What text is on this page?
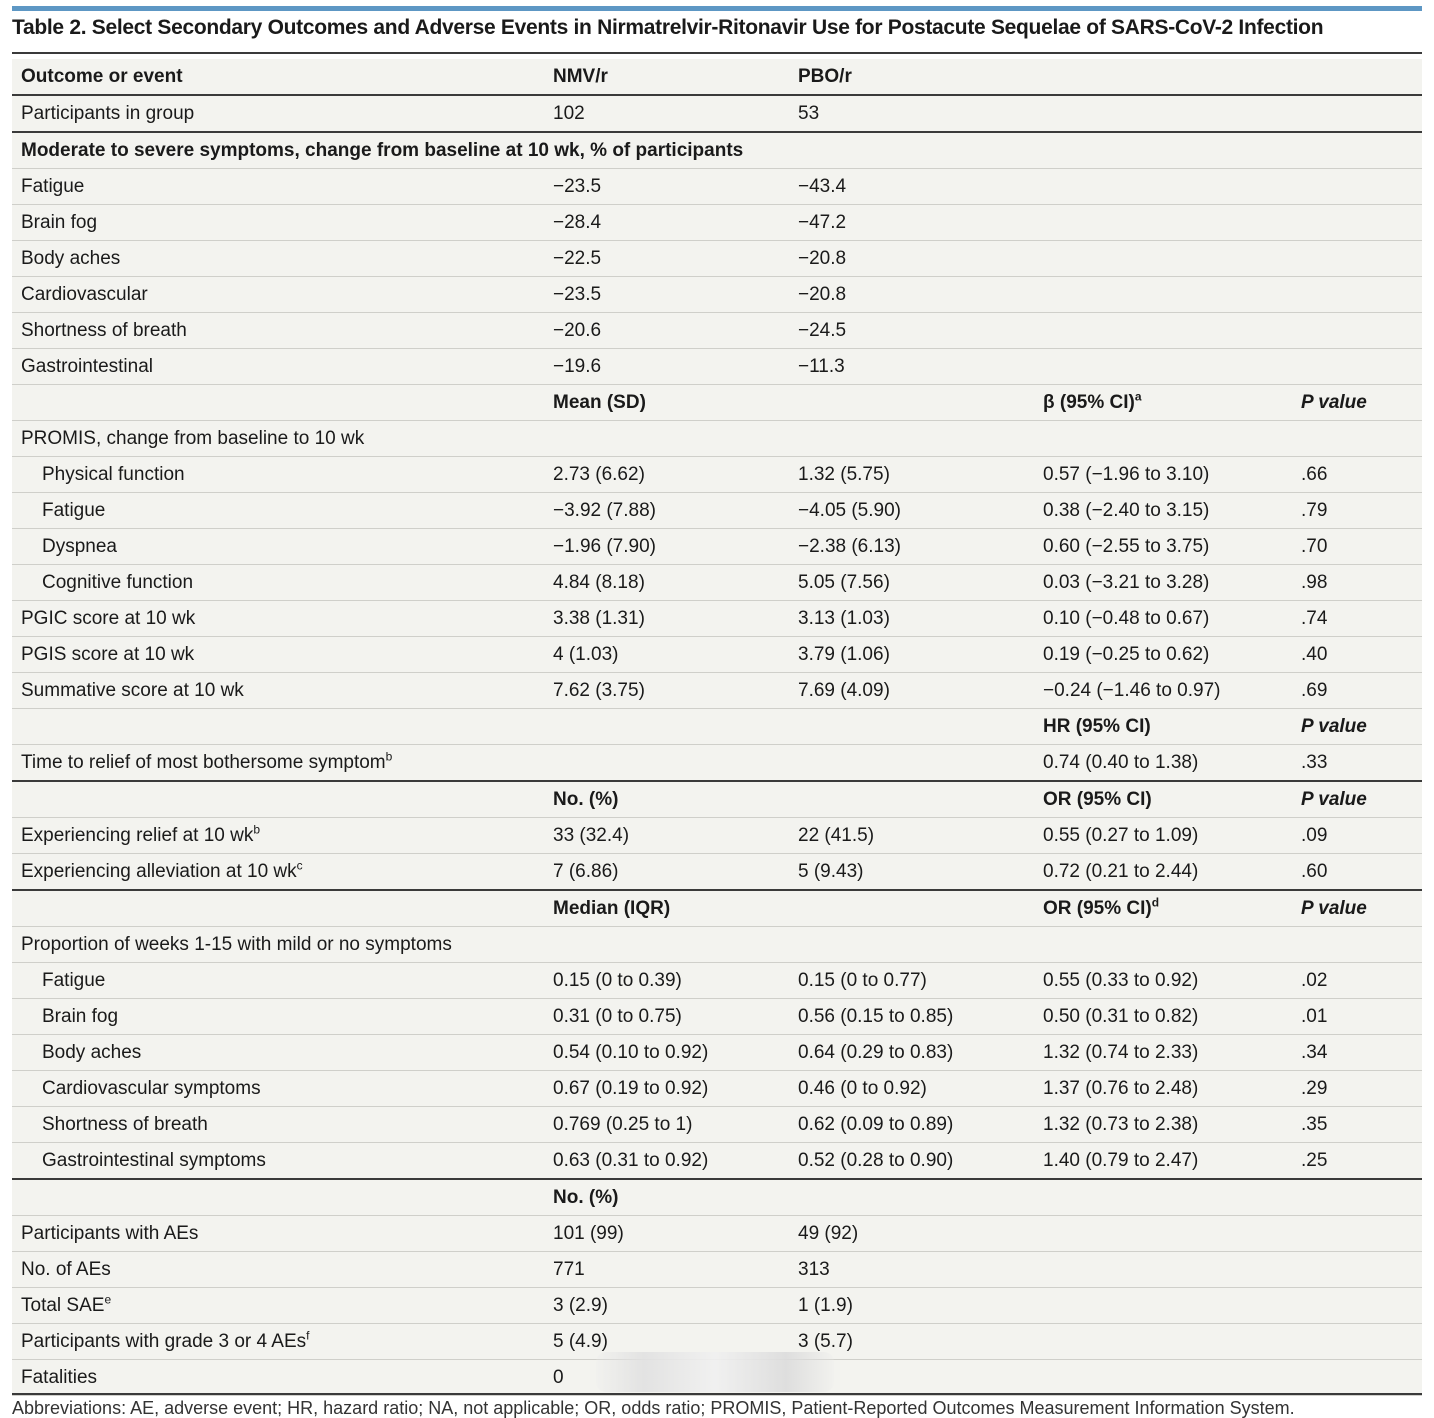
Table 2. Select Secondary Outcomes and Adverse Events in Nirmatrelvir-Ritonavir Use for Postacute Sequelae of SARS-CoV-2 Infection
Outcome or event	NMV/r	PBO/r		
Participants in group	102	53		
Moderate to severe symptoms, change from baseline at 10 wk, % of participants				
Fatigue	−23.5	−43.4		
Brain fog	−28.4	−47.2		
Body aches	−22.5	−20.8		
Cardiovascular	−23.5	−20.8		
Shortness of breath	−20.6	−24.5		
Gastrointestinal	−19.6	−11.3		
	Mean (SD)		β (95% CI)$^a$	P value
PROMIS, change from baseline to 10 wk				
Physical function	2.73 (6.62)	1.32 (5.75)	0.57 (−1.96 to 3.10)	.66
Fatigue	−3.92 (7.88)	−4.05 (5.90)	0.38 (−2.40 to 3.15)	.79
Dyspnea	−1.96 (7.90)	−2.38 (6.13)	0.60 (−2.55 to 3.75)	.70
Cognitive function	4.84 (8.18)	5.05 (7.56)	0.03 (−3.21 to 3.28)	.98
PGIC score at 10 wk	3.38 (1.31)	3.13 (1.03)	0.10 (−0.48 to 0.67)	.74
PGIS score at 10 wk	4 (1.03)	3.79 (1.06)	0.19 (−0.25 to 0.62)	.40
Summative score at 10 wk	7.62 (3.75)	7.69 (4.09)	−0.24 (−1.46 to 0.97)	.69
			HR (95% CI)	P value
Time to relief of most bothersome symptom$^b$			0.74 (0.40 to 1.38)	.33
	No. (%)		OR (95% CI)	P value
Experiencing relief at 10 $wk^b$	33 (32.4)	22 (41.5)	0.55 (0.27 to 1.09)	.09
Experiencing alleviation at 10 $wk^c$	7 (6.86)	5 (9.43)	0.72 (0.21 to 2.44)	.60
	Median (IQR)		OR (95% CI)$^d$	P value
Proportion of weeks 1-15 with mild or no symptoms				
Fatigue	0.15 (0 to 0.39)	0.15 (0 to 0.77)	0.55 (0.33 to 0.92)	.02
Brain fog	0.31 (0 to 0.75)	0.56 (0.15 to 0.85)	0.50 (0.31 to 0.82)	.01
Body aches	0.54 (0.10 to 0.92)	0.64 (0.29 to 0.83)	1.32 (0.74 to 2.33)	.34
Cardiovascular symptoms	0.67 (0.19 to 0.92)	0.46 (0 to 0.92)	1.37 (0.76 to 2.48)	.29
Shortness of breath	0.769 (0.25 to 1)	0.62 (0.09 to 0.89)	1.32 (0.73 to 2.38)	.35
Gastrointestinal symptoms	0.63 (0.31 to 0.92)	0.52 (0.28 to 0.90)	1.40 (0.79 to 2.47)	.25
	No. (%)			
Participants with AEs	101 (99)	49 (92)		
No. of AEs	771	313		
Total SAE$^e$	3 (2.9)	1 (1.9)		
Participants with grade 3 or 4 AEs$^f$	5 (4.9)	3 (5.7)		
Fatalities	0			
Abbreviations: AE, adverse event; HR, hazard ratio; NA, not applicable; OR, odds ratio; PROMIS, Patient-Reported Outcomes Measurement Information System.
